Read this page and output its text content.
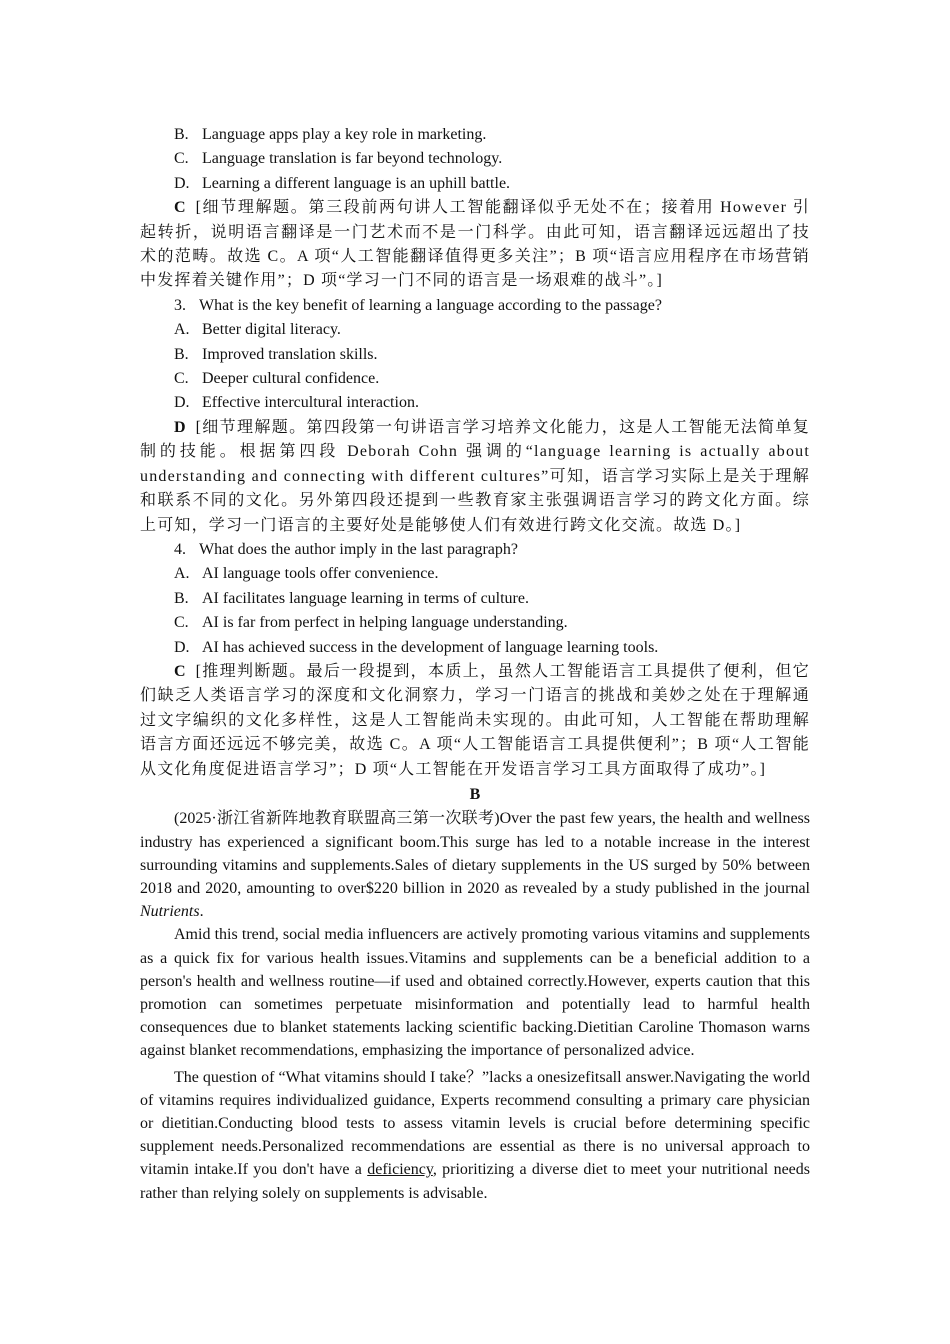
B. Language apps play a key role in marketing.
C. Language translation is far beyond technology.
D. Learning a different language is an uphill battle.
C [细节理解题。第三段前两句讲人工智能翻译似乎无处不在；接着用 However 引起转折，说明语言翻译是一门艺术而不是一门科学。由此可知，语言翻译远远超出了技术的范畴。故选 C。A 项“人工智能翻译值得更多关注”；B 项“语言应用程序在市场营销中发挥着关键作用”；D 项“学习一门不同的语言是一场艰难的战斗”。]
3. What is the key benefit of learning a language according to the passage?
A. Better digital literacy.
B. Improved translation skills.
C. Deeper cultural confidence.
D. Effective intercultural interaction.
D [细节理解题。第四段第一句讲语言学习培养文化能力，这是人工智能无法简单复制的技能。根据第四段 Deborah Cohn 强调的“language learning is actually about understanding and connecting with different cultures”可知，语言学习实际上是关于理解和联系不同的文化。另外第四段还提到一些教育家主张强调语言学习的跨文化方面。综上可知，学习一门语言的主要好处是能够使人们有效进行跨文化交流。故选 D。]
4. What does the author imply in the last paragraph?
A. AI language tools offer convenience.
B. AI facilitates language learning in terms of culture.
C. AI is far from perfect in helping language understanding.
D. AI has achieved success in the development of language learning tools.
C [推理判断题。最后一段提到，本质上，虽然人工智能语言工具提供了便利，但它们缺乏人类语言学习的深度和文化洞察力，学习一门语言的挑战和美妙之处在于理解通过文字编织的文化多样性，这是人工智能尚未实现的。由此可知，人工智能在帮助理解语言方面还远远不够完美，故选 C。A 项“人工智能语言工具提供便利”；B 项“人工智能从文化角度促进语言学习”；D 项“人工智能在开发语言学习工具方面取得了成功”。]
B
(2025·浙江省新阵地教育联盟高三第一次联考)Over the past few years, the health and wellness industry has experienced a significant boom.This surge has led to a notable increase in the interest surrounding vitamins and supplements.Sales of dietary supplements in the US surged by 50% between 2018 and 2020, amounting to over$220 billion in 2020 as revealed by a study published in the journal Nutrients.
Amid this trend, social media influencers are actively promoting various vitamins and supplements as a quick fix for various health issues.Vitamins and supplements can be a beneficial addition to a person's health and wellness routine—if used and obtained correctly.However, experts caution that this promotion can sometimes perpetuate misinformation and potentially lead to harmful health consequences due to blanket statements lacking scientific backing.Dietitian Caroline Thomason warns against blanket recommendations, emphasizing the importance of personalized advice.
The question of “What vitamins should I take？”lacks a onesizefitsall answer.Navigating the world of vitamins requires individualized guidance, Experts recommend consulting a primary care physician or dietitian.Conducting blood tests to assess vitamin levels is crucial before determining specific supplement needs.Personalized recommendations are essential as there is no universal approach to vitamin intake.If you don't have a deficiency, prioritizing a diverse diet to meet your nutritional needs rather than relying solely on supplements is advisable.
